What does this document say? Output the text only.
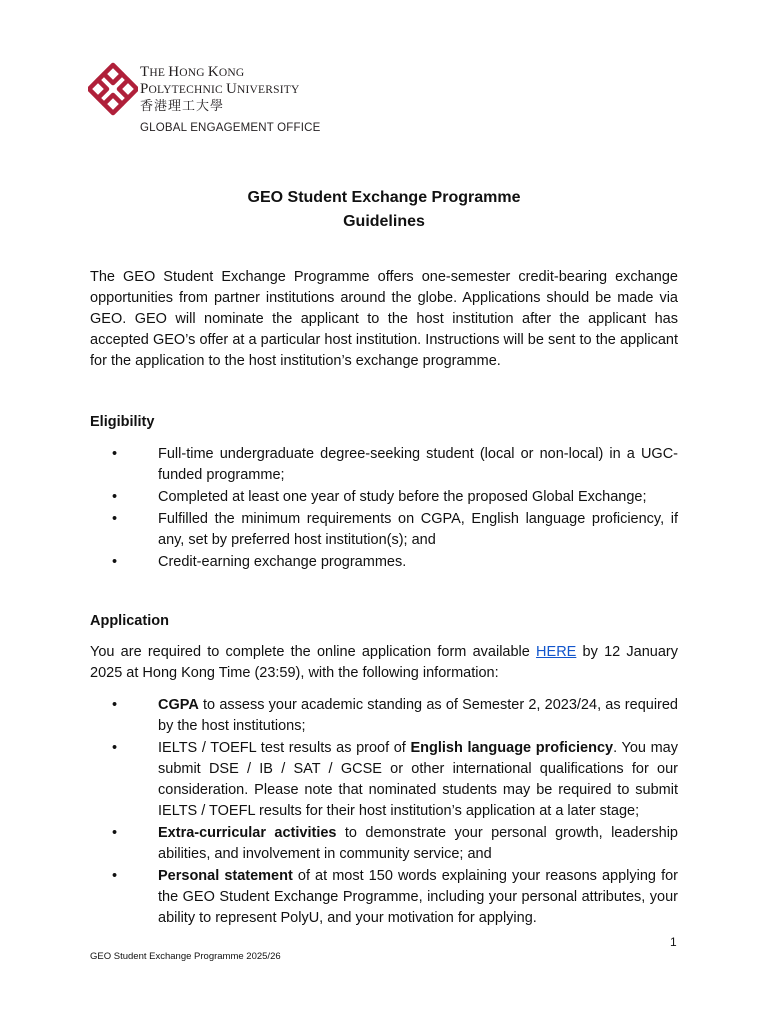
THE HONG KONG
POLYTECHNIC UNIVERSITY
香港理工大學
GLOBAL ENGAGEMENT OFFICE
GEO Student Exchange Programme
Guidelines
The GEO Student Exchange Programme offers one-semester credit-bearing exchange opportunities from partner institutions around the globe. Applications should be made via GEO. GEO will nominate the applicant to the host institution after the applicant has accepted GEO’s offer at a particular host institution. Instructions will be sent to the applicant for the application to the host institution’s exchange programme.
Eligibility
•	Full-time undergraduate degree-seeking student (local or non-local) in a UGC-funded programme;
•	Completed at least one year of study before the proposed Global Exchange;
•	Fulfilled the minimum requirements on CGPA, English language proficiency, if any, set by preferred host institution(s); and
•	Credit-earning exchange programmes.
Application
You are required to complete the online application form available HERE by 12 January 2025 at Hong Kong Time (23:59), with the following information:
•	CGPA to assess your academic standing as of Semester 2, 2023/24, as required by the host institutions;
•	IELTS / TOEFL test results as proof of English language proficiency. You may submit DSE / IB / SAT / GCSE or other international qualifications for our consideration. Please note that nominated students may be required to submit IELTS / TOEFL results for their host institution’s application at a later stage;
•	Extra-curricular activities to demonstrate your personal growth, leadership abilities, and involvement in community service; and
•	Personal statement of at most 150 words explaining your reasons applying for the GEO Student Exchange Programme, including your personal attributes, your ability to represent PolyU, and your motivation for applying.
1
GEO Student Exchange Programme 2025/26
